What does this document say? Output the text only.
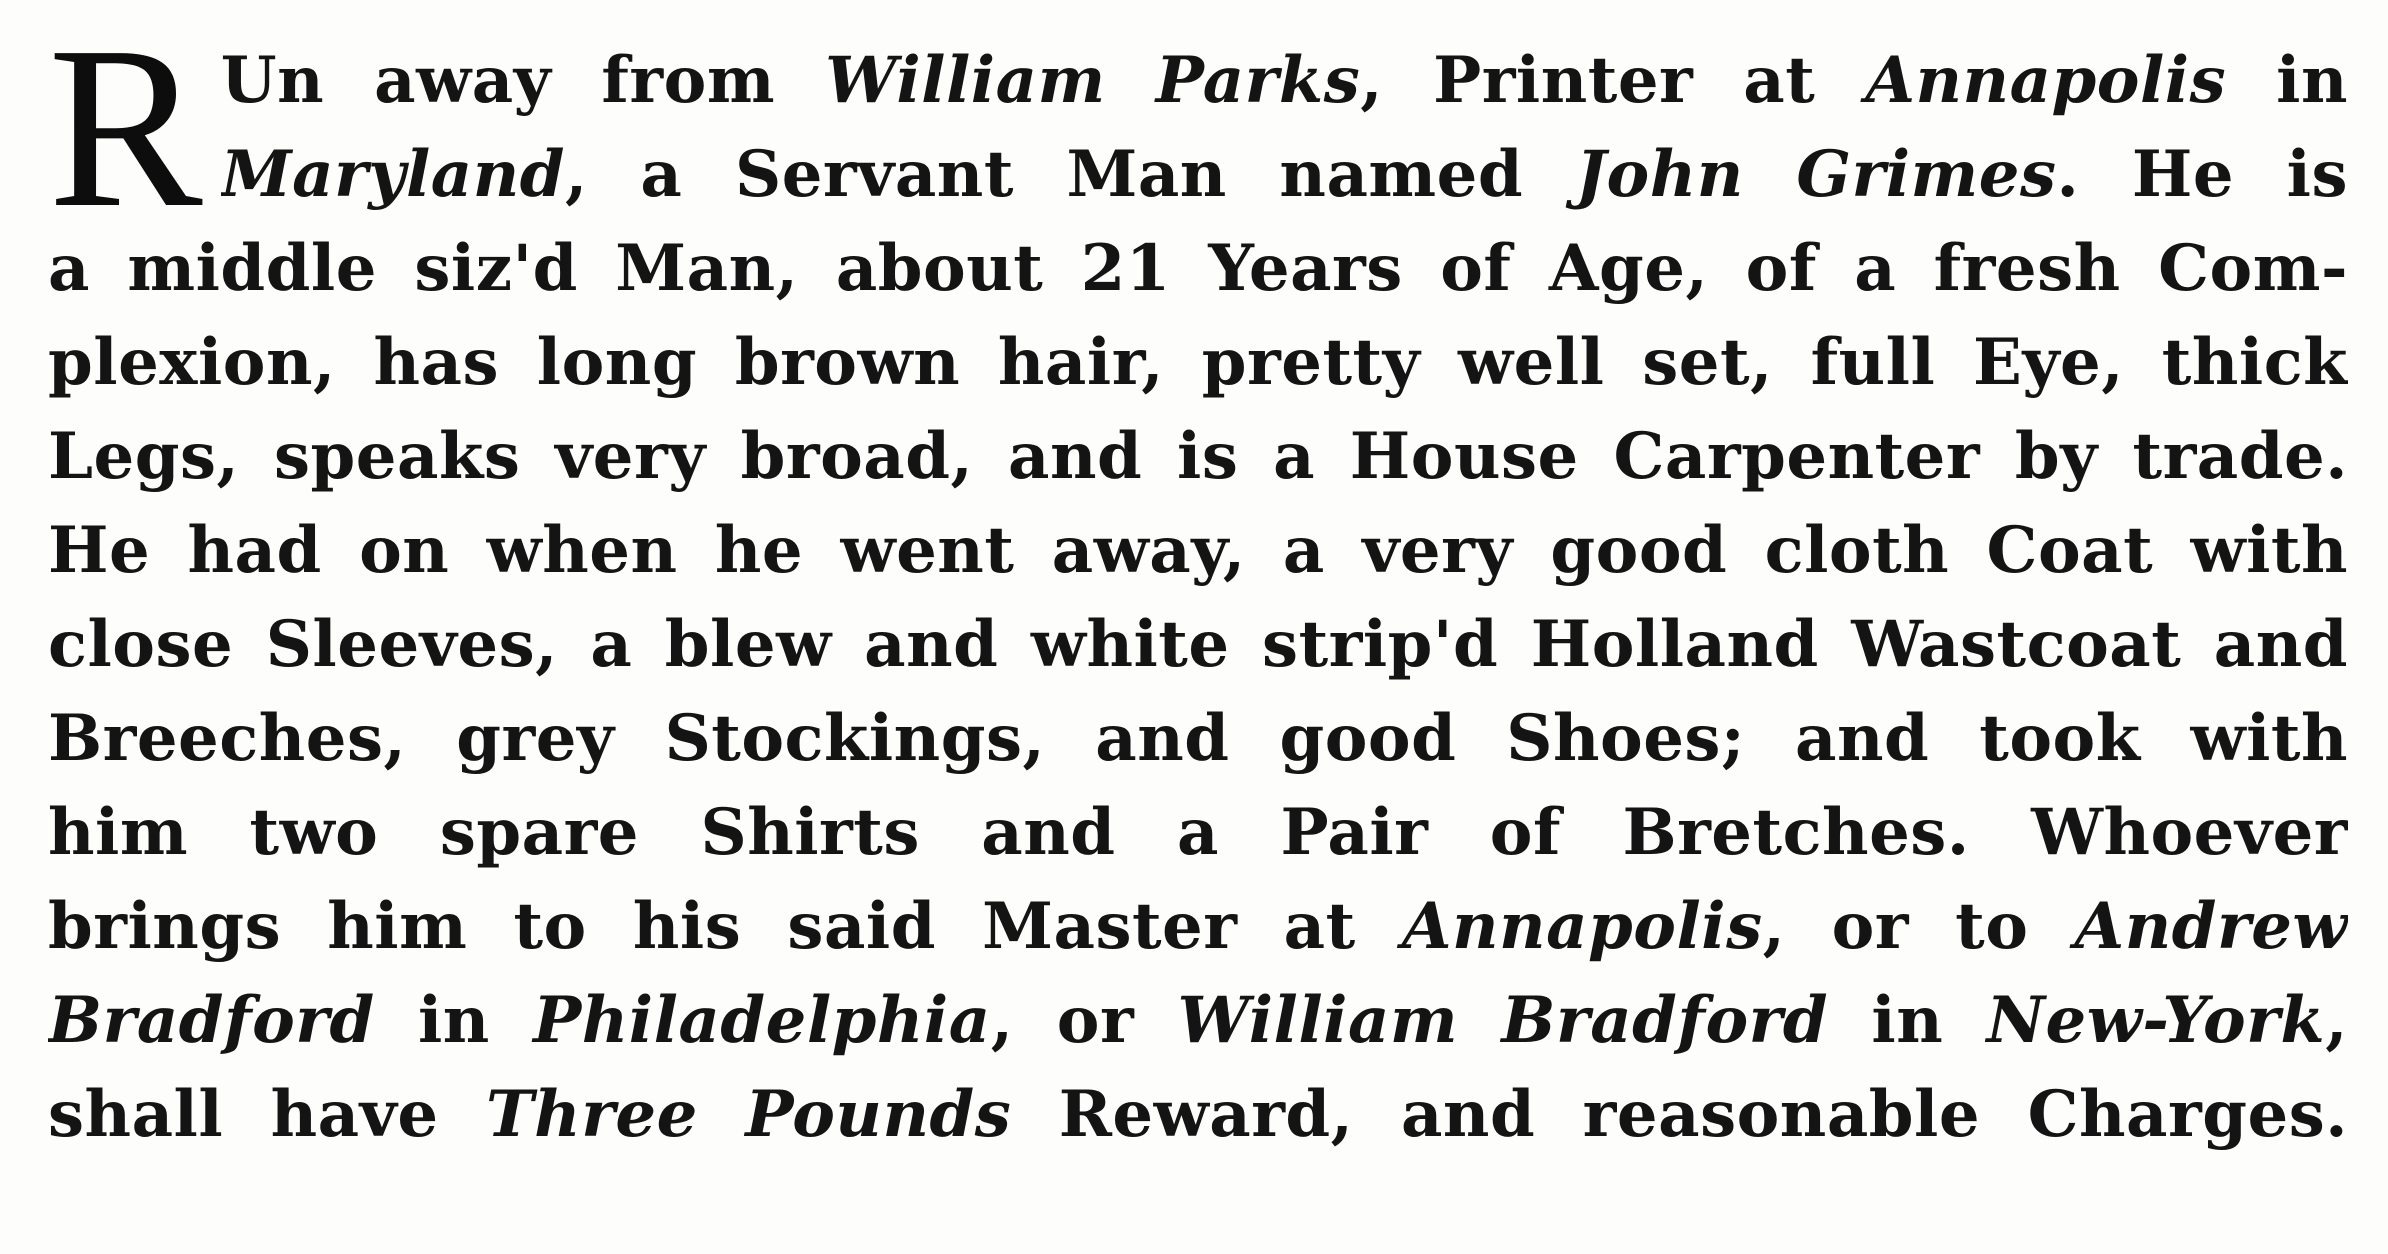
R Un away from William Parks, Printer at Annapolis in
Maryland, a Servant Man named John Grimes. He is
a middle siz'd Man, about 21 Years of Age, of a fresh Com-
plexion, has long brown hair, pretty well set, full Eye, thick
Legs, speaks very broad, and is a House Carpenter by trade.
He had on when he went away, a very good cloth Coat with
close Sleeves, a blew and white strip'd Holland Wastcoat and
Breeches, grey Stockings, and good Shoes; and took with
him two spare Shirts and a Pair of Bretches. Whoever
brings him to his said Master at Annapolis, or to Andrew
Bradford in Philadelphia, or William Bradford in New-York,
shall have Three Pounds Reward, and reasonable Charges.
